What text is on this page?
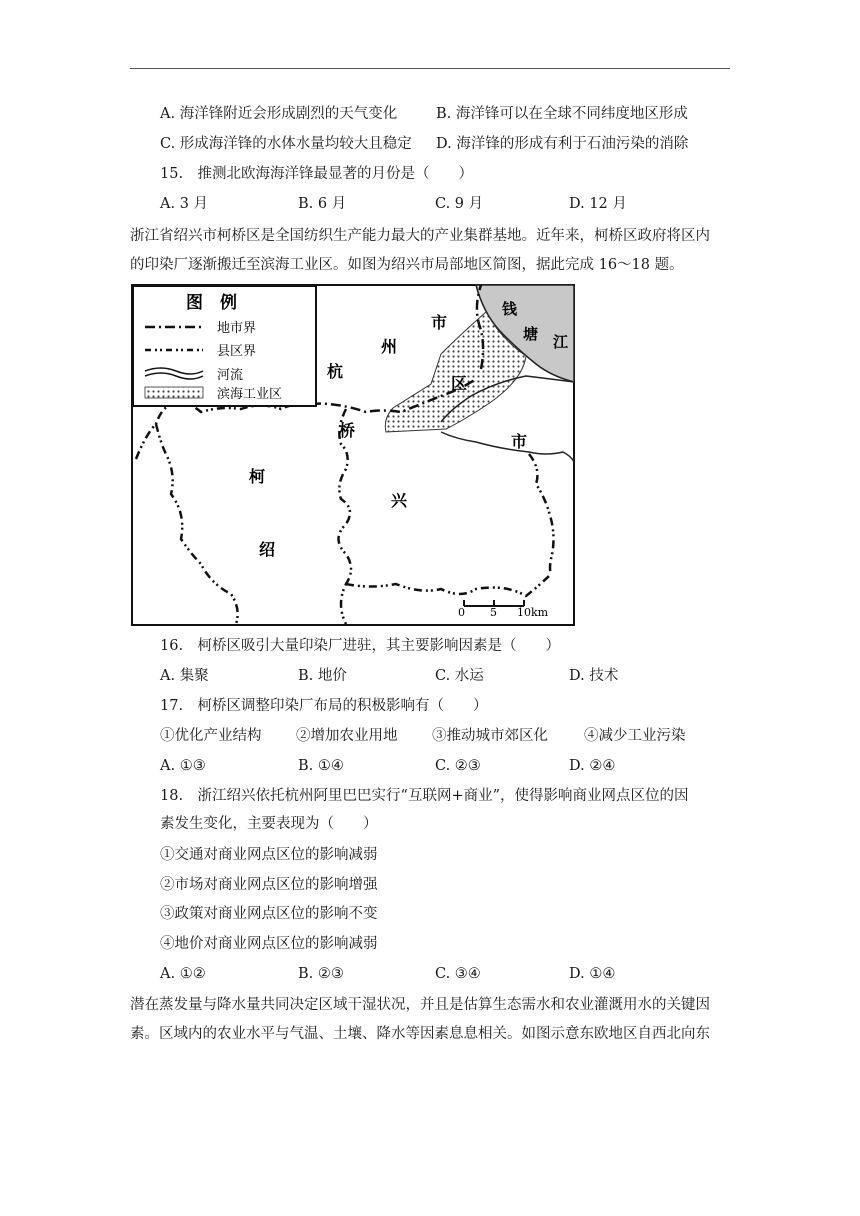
A. 海洋锋附近会形成剧烈的天气变化	B. 海洋锋可以在全球不同纬度地区形成
C. 形成海洋锋的水体水量均较大且稳定 D. 海洋锋的形成有利于石油污染的消除
15.　推测北欧海海洋锋最显著的月份是（　　）
A. 3 月	B. 6 月	C. 9 月	D. 12 月
浙江省绍兴市柯桥区是全国纺织生产能力最大的产业集群基地。近年来，柯桥区政府将区内
的印染厂逐渐搬迁至滨海工业区。如图为绍兴市局部地区简图，据此完成 16～18 题。
图　例
地市界
县区界
河流
滨海工业区
钱
塘 江
市
州
杭
区
桥
市
柯
兴
绍
0 5 10km
16.　柯桥区吸引大量印染厂进驻，其主要影响因素是（　　）
A. 集聚	B. 地价	C. 水运	D. 技术
17.　柯桥区调整印染厂布局的积极影响有（　　）
①优化产业结构 ②增加农业用地 ③推动城市郊区化 ④减少工业污染
A. ①③	B. ①④	C. ②③	D. ②④
18.　浙江绍兴依托杭州阿里巴巴实行“互联网+商业”，使得影响商业网点区位的因
素发生变化，主要表现为（　　）
①交通对商业网点区位的影响减弱
②市场对商业网点区位的影响增强
③政策对商业网点区位的影响不变
④地价对商业网点区位的影响减弱
A. ①②	B. ②③	C. ③④	D. ①④
潜在蒸发量与降水量共同决定区域干湿状况，并且是估算生态需水和农业灌溉用水的关键因
素。区域内的农业水平与气温、土壤、降水等因素息息相关。如图示意东欧地区自西北向东
